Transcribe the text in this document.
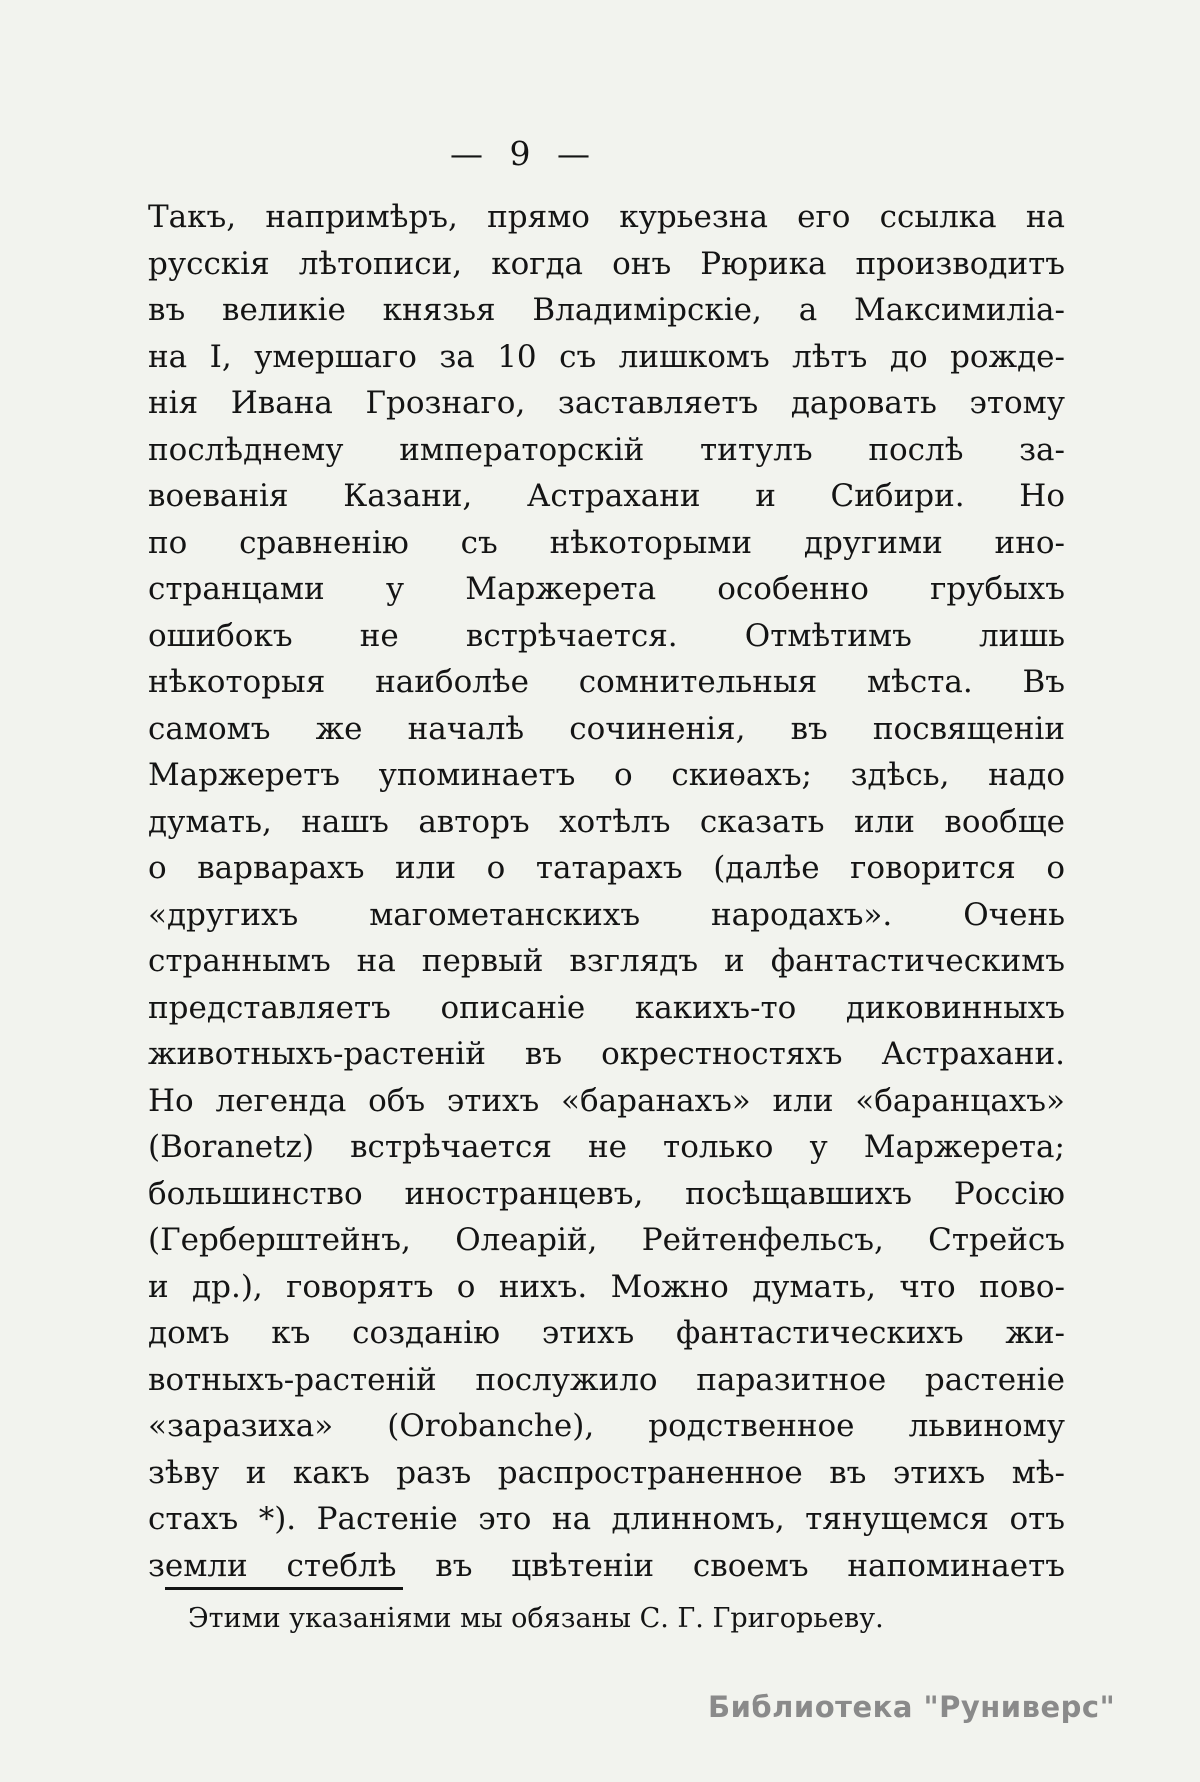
— 9 —
Такъ, напримѣръ, прямо курьезна его ссылка на
русскія лѣтописи, когда онъ Рюрика производитъ
въ великіе князья Владимірскіе, а Максимиліа-
на I, умершаго за 10 съ лишкомъ лѣтъ до рожде-
нія Ивана Грознаго, заставляетъ даровать этому
послѣднему императорскій титулъ послѣ за-
воеванія Казани, Астрахани и Сибири. Но
по сравненію съ нѣкоторыми другими ино-
странцами у Маржерета особенно грубыхъ
ошибокъ не встрѣчается. Отмѣтимъ лишь
нѣкоторыя наиболѣе сомнительныя мѣста. Въ
самомъ же началѣ сочиненія, въ посвященіи
Маржеретъ упоминаетъ о скиѳахъ; здѣсь, надо
думать, нашъ авторъ хотѣлъ сказать или вообще
о варварахъ или о татарахъ (далѣе говорится о
«другихъ магометанскихъ народахъ». Очень
страннымъ на первый взглядъ и фантастическимъ
представляетъ описаніе какихъ-то диковинныхъ
животныхъ-растеній въ окрестностяхъ Астрахани.
Но легенда объ этихъ «баранахъ» или «баранцахъ»
(Boranetz) встрѣчается не только у Маржерета;
большинство иностранцевъ, посѣщавшихъ Россію
(Герберштейнъ, Олеарій, Рейтенфельсъ, Стрейсъ
и др.), говорятъ о нихъ. Можно думать, что пово-
домъ къ созданію этихъ фантастическихъ жи-
вотныхъ-растеній послужило паразитное растеніе
«заразиха» (Orobanche), родственное львиному
зѣву и какъ разъ распространенное въ этихъ мѣ-
стахъ *). Растеніе это на длинномъ, тянущемся отъ
земли стеблѣ въ цвѣтеніи своемъ напоминаетъ
Этими указаніями мы обязаны С. Г. Григорьеву.
Библиотека "Руниверс"
